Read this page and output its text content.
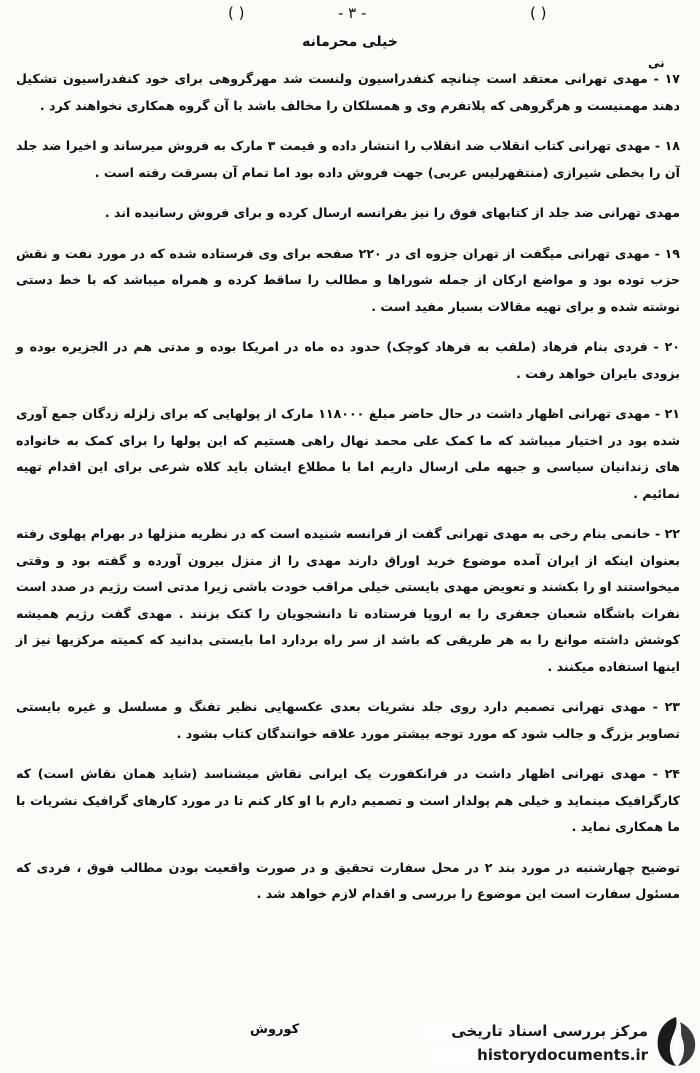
( )	- ۳ -	( )
خیلی محرمانه
نی

۱۷ - مهدی تهرانی معتقد است چنانچه کنفدراسیون ولنست شد مهرگروهی برای خود کنفدراسیون تشکیل دهند مهمنیست و هرگروهی که پلاتفرم وی و همسلکان را مخالف باشد با آن گروه همکاری نخواهند کرد .

۱۸ - مهدی تهرانی کتاب انقلاب ضد انقلاب را انتشار داده و قیمت ۳ مارک به فروش میرساند و اخیرا ضد جلد آن را بخطی شیرازی (منتقهرلیس عربی) جهت فروش داده بود اما تمام آن بسرقت رفته است .

مهدی تهرانی ضد جلد از کتابهای فوق را نیز بفرانسه ارسال کرده و برای فروش رسانیده اند .

۱۹ - مهدی تهرانی میگفت از تهران جزوه ای در ۲۲۰ صفحه برای وی فرستاده شده که در مورد نفت و نقش حزب توده بود و مواضع ارکان از جمله شوراها و مطالب را ساقط کرده و همراه میباشد که با خط دستی نوشته شده و برای تهیه مقالات بسیار مفید است .

۲۰ - فردی بنام فرهاد (ملقب به فرهاد کوچک) حدود ده ماه در امریکا بوده و مدتی هم در الجزیره بوده و بزودی بایران خواهد رفت .

۲۱ - مهدی تهرانی اظهار داشت در حال حاضر مبلغ ۱۱۸۰۰۰ مارک از پولهایی که برای زلزله زدگان جمع آوری شده بود در اختیار میباشد که ما کمک علی محمد نهال راهی هستیم که این پولها را برای کمک به خانواده های زندانیان سیاسی و جبهه ملی ارسال داریم اما با مطلاع ایشان باید کلاه شرعی برای این اقدام تهیه نمائیم .

۲۲ - خانمی بنام رخی به مهدی تهرانی گفت از فرانسه شنیده است که در نظریه منزلها در بهرام پهلوی رفته بعنوان اینکه از ایران آمده موضوع خرید اوراق دارند مهدی را از منزل بیرون آورده و گفته بود و وقتی میخواستند او را بکشند و تعویض مهدی بایستی خیلی مراقب خودت باشی زیرا مدتی است رژیم در صدد است نفرات باشگاه شعبان جعفری را به اروپا فرستاده تا دانشجویان را کتک بزنند . مهدی گفت رژیم همیشه کوشش داشته موانع را به هر طریقی که باشد از سر راه بردارد اما بایستی بدانید که کمیته مرکزیها نیز از اینها استفاده میکنند .

۲۳ - مهدی تهرانی تصمیم دارد روی جلد نشریات بعدی عکسهایی نظیر تفنگ و مسلسل و غیره بایستی تصاویر بزرگ و جالب شود که مورد توجه بیشتر مورد علاقه خوانندگان کتاب بشود .

۲۴ - مهدی تهرانی اظهار داشت در فرانکفورت یک ایرانی نقاش میشناسد (شاید همان نقاش است) که کارگرافیک مینماید و خیلی هم پولدار است و تصمیم دارم با او کار کنم تا در مورد کارهای گرافیک نشریات با ما همکاری نماید .

توضیح چهارشنبه در مورد بند ۲ در محل سفارت تحقیق و در صورت واقعیت بودن مطالب فوق ، فردی که مسئول سفارت است این موضوع را بررسی و اقدام لازم خواهد شد .

کوروش	مرکز بررسی اسناد تاریخی
historydocuments.ir
